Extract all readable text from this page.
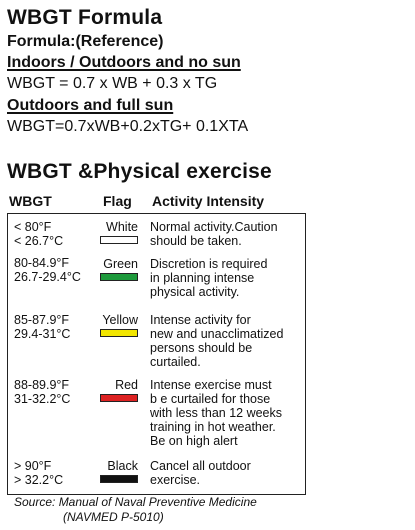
WBGT Formula
Formula:(Reference)
Indoors / Outdoors and no sun
WBGT = 0.7 x WB + 0.3 x TG
Outdoors and full sun
WBGT=0.7xWB+0.2xTG+ 0.1XTA
WBGT &Physical exercise
WBGT	Flag Activity Intensity
< 80°F
< 26.7°C
White Normal activity.Caution
should be taken.
80-84.9°F
26.7-29.4°C
Green Discretion is required
in planning intense
physical activity.
85-87.9°F
29.4-31°C
Yellow Intense activity for
new and unacclimatized
persons should be
curtailed.
88-89.9°F
31-32.2°C
Red Intense exercise must
b e curtailed for those
with less than 12 weeks
training in hot weather.
Be on high alert
> 90°F
> 32.2°C
Black Cancel all outdoor
exercise.
Source: Manual of Naval Preventive Medicine
(NAVMED P-5010)
